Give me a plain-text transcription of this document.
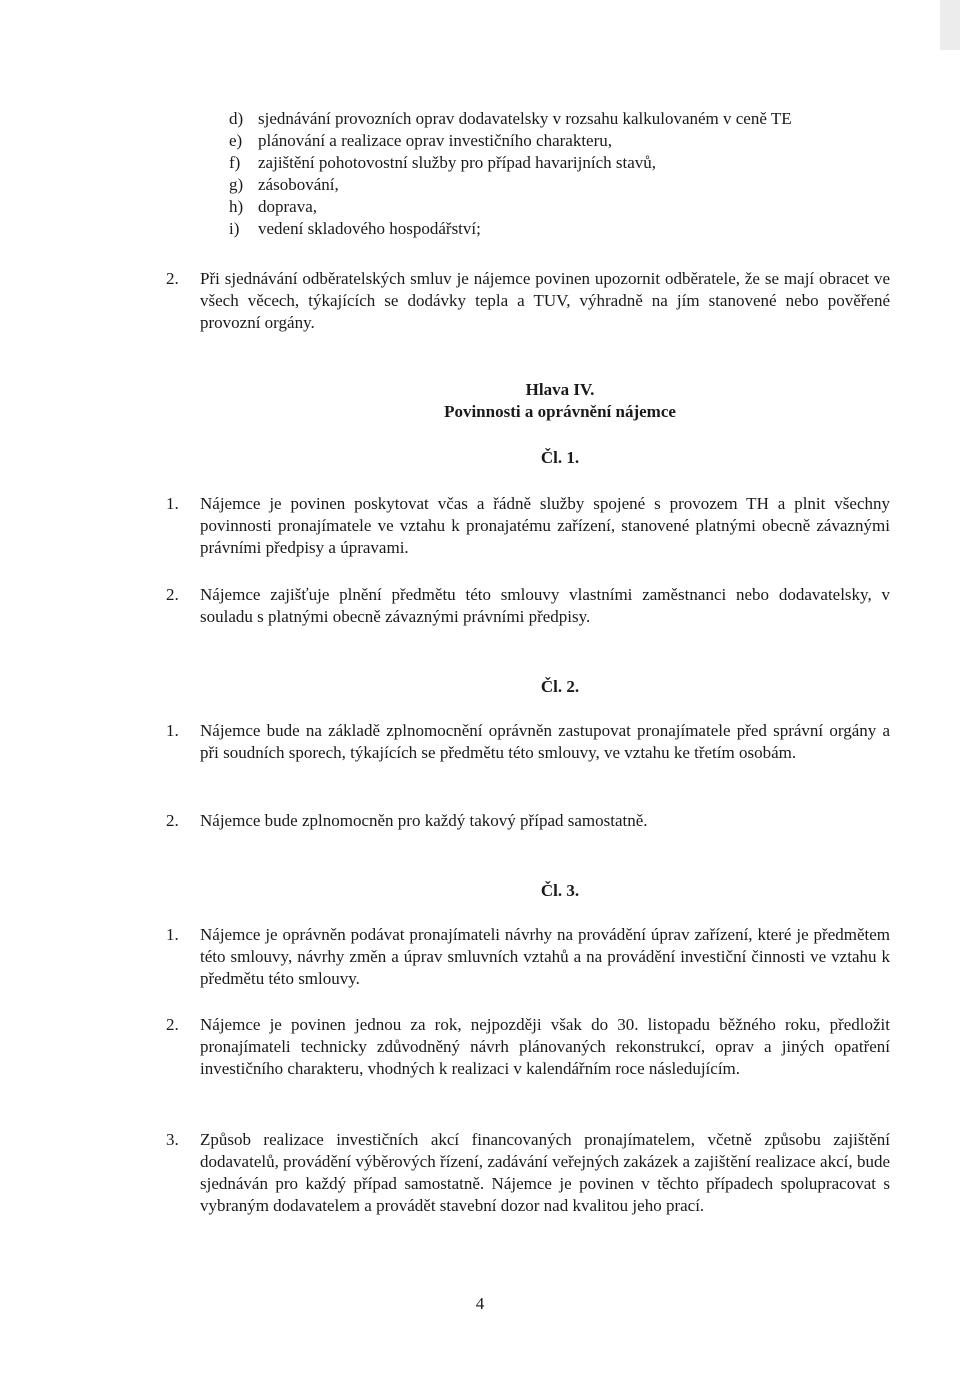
d) sjednávání provozních oprav dodavatelsky v rozsahu kalkulovaném v ceně TE
e) plánování a realizace oprav investičního charakteru,
f)	zajištění pohotovostní služby pro případ havarijních stavů,
g) zásobování,
h) doprava,
i)	vedení skladového hospodářství;
2.	Při sjednávání odběratelských smluv je nájemce povinen upozornit odběratele, že se mají obracet ve všech věcech, týkajících se dodávky tepla a TUV, výhradně na jím stanovené nebo pověřené provozní orgány.
Hlava IV.
Povinnosti a oprávnění nájemce
Čl. 1.
1.	Nájemce je povinen poskytovat včas a řádně služby spojené s provozem TH a plnit všechny povinnosti pronajímatele ve vztahu k pronajatému zařízení, stanovené platnými obecně závaznými právními předpisy a úpravami.
2.	Nájemce zajišťuje plnění předmětu této smlouvy vlastními zaměstnanci nebo dodavatelsky, v souladu s platnými obecně závaznými právními předpisy.
Čl. 2.
1.	Nájemce bude na základě zplnomocnění oprávněn zastupovat pronajímatele před správní orgány a při soudních sporech, týkajících se předmětu této smlouvy, ve vztahu ke třetím osobám.
2.	Nájemce bude zplnomocněn pro každý takový případ samostatně.
Čl. 3.
1.	Nájemce je oprávněn podávat pronajímateli návrhy na provádění úprav zařízení, které je předmětem této smlouvy, návrhy změn a úprav smluvních vztahů a na provádění investiční činnosti ve vztahu k předmětu této smlouvy.
2.	Nájemce je povinen jednou za rok, nejpozději však do 30. listopadu běžného roku, předložit pronajímateli technicky zdůvodněný návrh plánovaných rekonstrukcí, oprav a jiných opatření investičního charakteru, vhodných k realizaci v kalendářním roce následujícím.
3.	Způsob realizace investičních akcí financovaných pronajímatelem, včetně způsobu zajištění dodavatelů, provádění výběrových řízení, zadávání veřejných zakázek a zajištění realizace akcí, bude sjednáván pro každý případ samostatně. Nájemce je povinen v těchto případech spolupracovat s vybraným dodavatelem a provádět stavební dozor nad kvalitou jeho prací.
4
